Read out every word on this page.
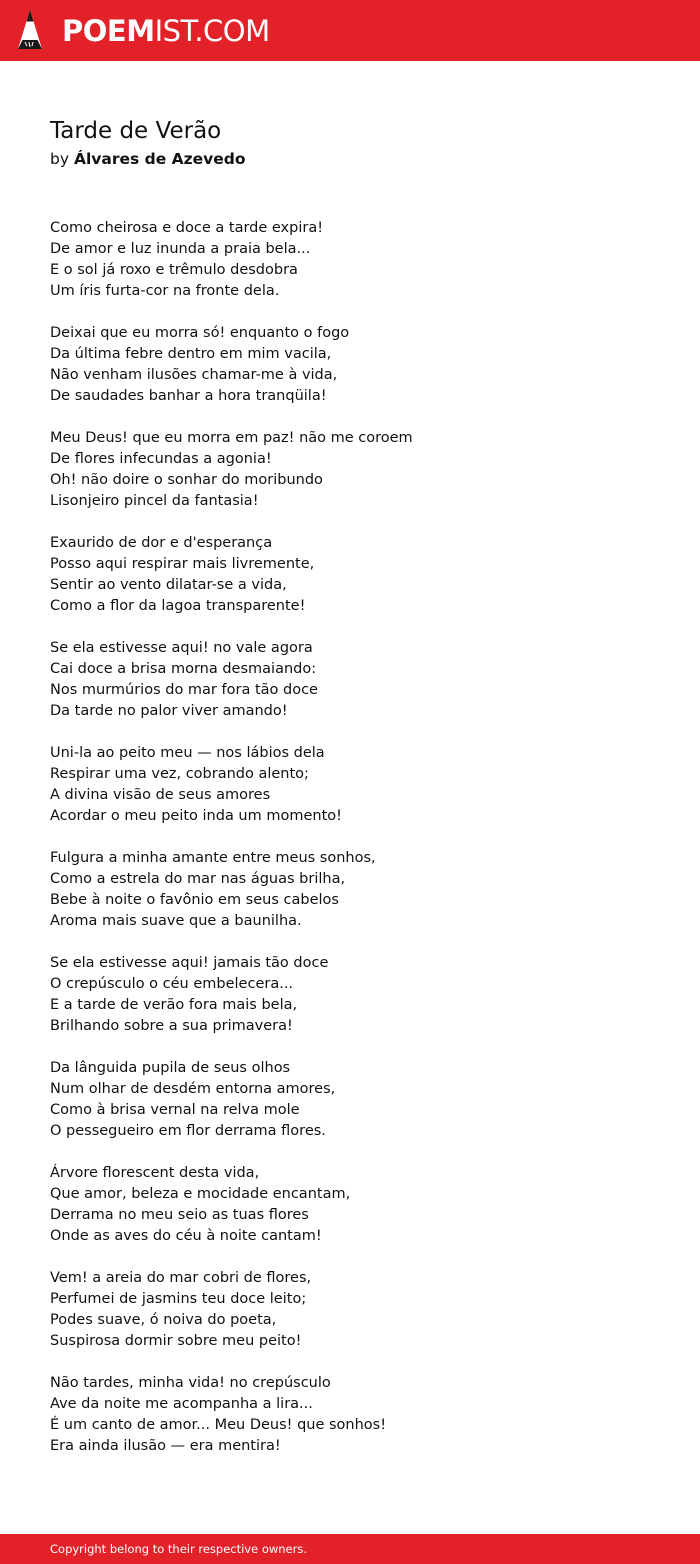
POEMIST.COM
Tarde de Verão
by Álvares de Azevedo
Como cheirosa e doce a tarde expira!
De amor e luz inunda a praia bela...
E o sol já roxo e trêmulo desdobra
Um íris furta-cor na fronte dela.
Deixai que eu morra só! enquanto o fogo
Da última febre dentro em mim vacila,
Não venham ilusões chamar-me à vida,
De saudades banhar a hora tranqüila!
Meu Deus! que eu morra em paz! não me coroem
De flores infecundas a agonia!
Oh! não doire o sonhar do moribundo
Lisonjeiro pincel da fantasia!
Exaurido de dor e d'esperança
Posso aqui respirar mais livremente,
Sentir ao vento dilatar-se a vida,
Como a flor da lagoa transparente!
Se ela estivesse aqui! no vale agora
Cai doce a brisa morna desmaiando:
Nos murmúrios do mar fora tão doce
Da tarde no palor viver amando!
Uni-la ao peito meu — nos lábios dela
Respirar uma vez, cobrando alento;
A divina visão de seus amores
Acordar o meu peito inda um momento!
Fulgura a minha amante entre meus sonhos,
Como a estrela do mar nas águas brilha,
Bebe à noite o favônio em seus cabelos
Aroma mais suave que a baunilha.
Se ela estivesse aqui! jamais tão doce
O crepúsculo o céu embelecera...
E a tarde de verão fora mais bela,
Brilhando sobre a sua primavera!
Da lânguida pupila de seus olhos
Num olhar de desdém entorna amores,
Como à brisa vernal na relva mole
O pessegueiro em flor derrama flores.
Árvore florescent desta vida,
Que amor, beleza e mocidade encantam,
Derrama no meu seio as tuas flores
Onde as aves do céu à noite cantam!
Vem! a areia do mar cobri de flores,
Perfumei de jasmins teu doce leito;
Podes suave, ó noiva do poeta,
Suspirosa dormir sobre meu peito!
Não tardes, minha vida! no crepúsculo
Ave da noite me acompanha a lira...
É um canto de amor... Meu Deus! que sonhos!
Era ainda ilusão — era mentira!
Copyright belong to their respective owners.
